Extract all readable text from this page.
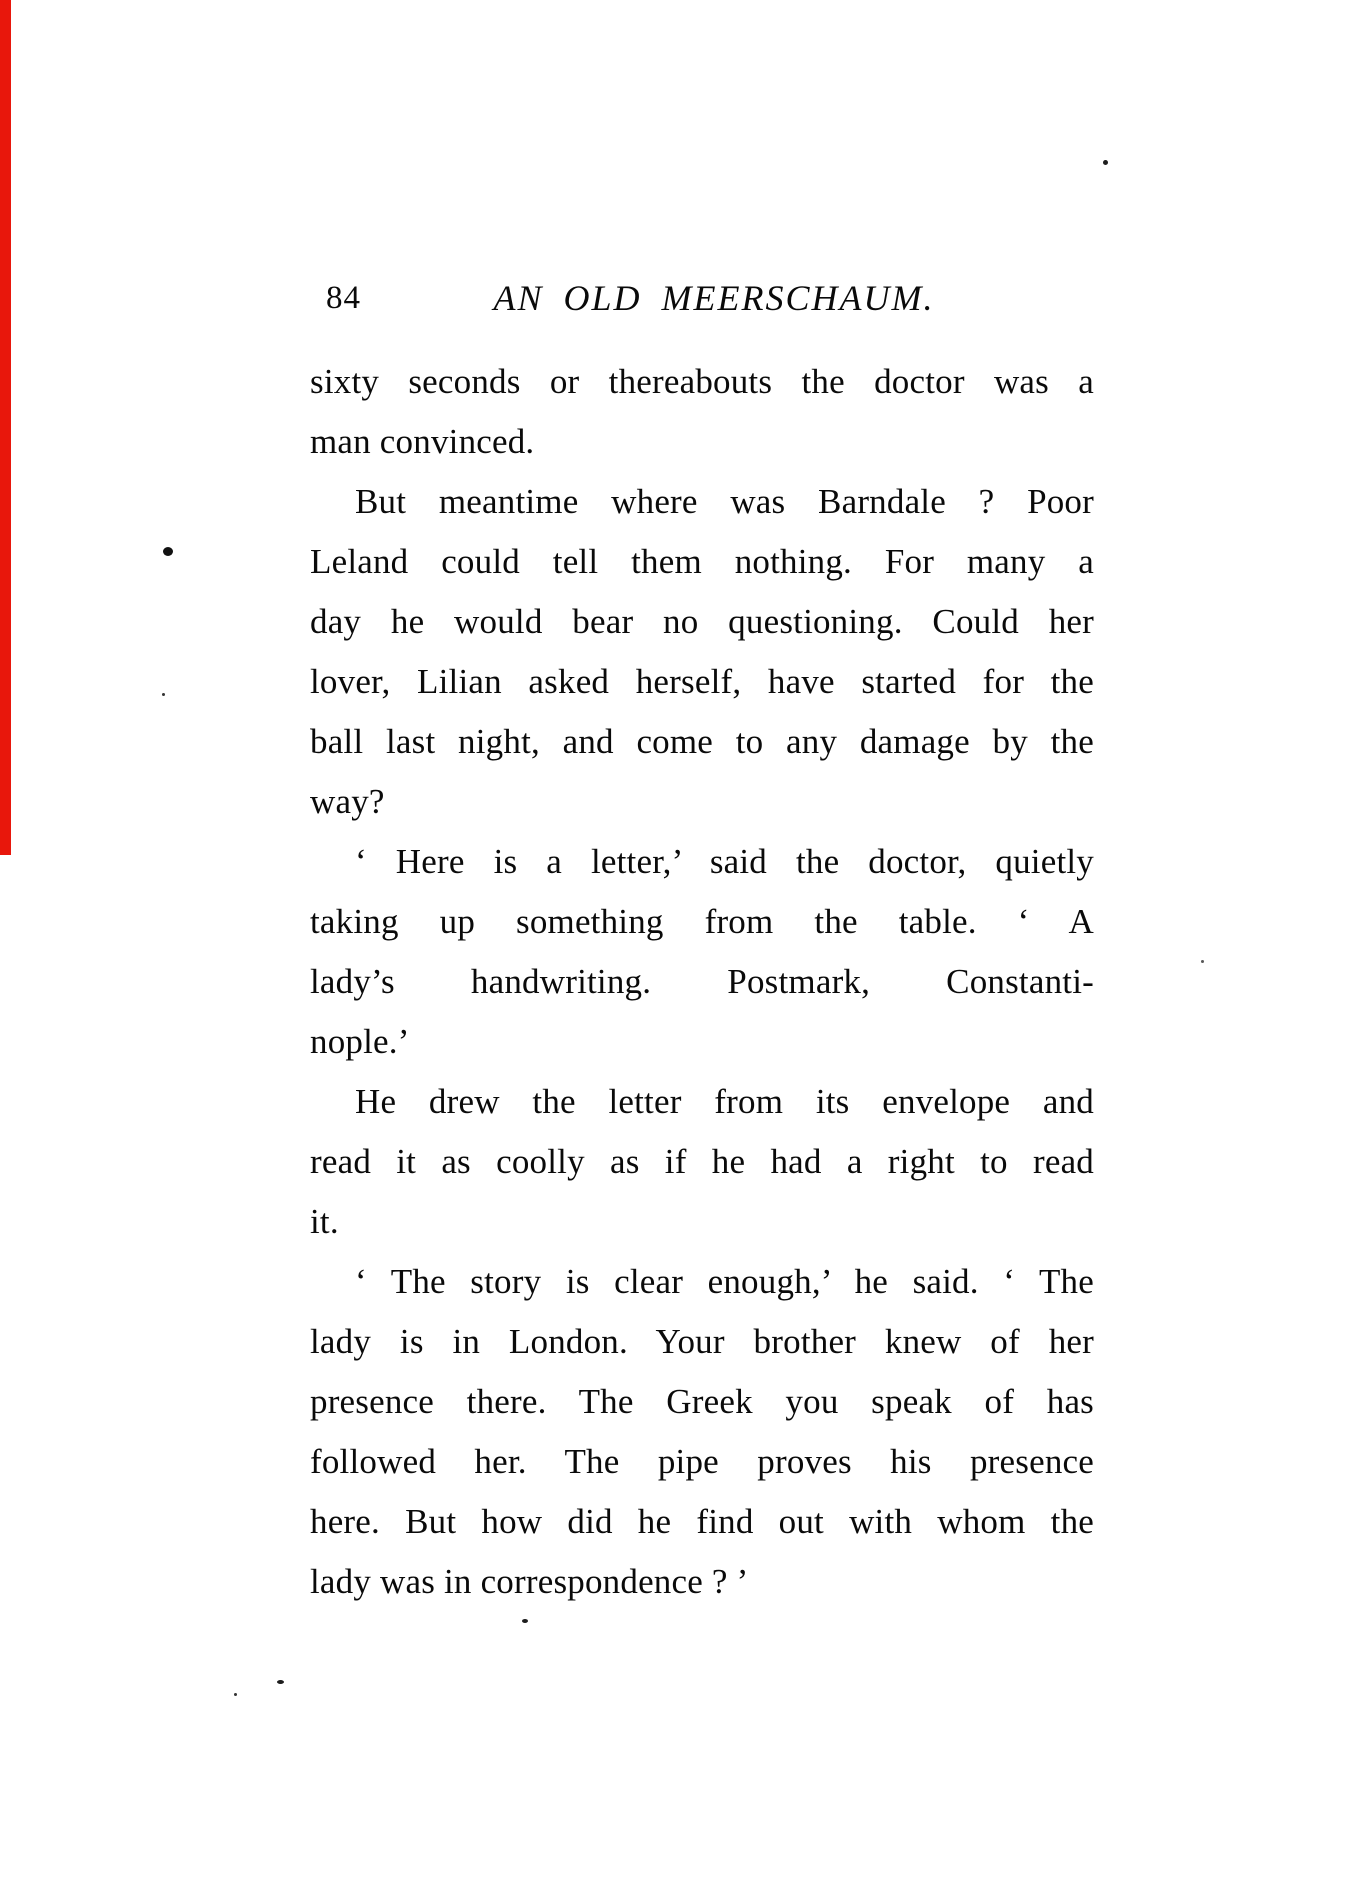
84	AN OLD MEERSCHAUM.
sixty seconds or thereabouts the doctor was a
man convinced.
But meantime where was Barndale ? Poor
Leland could tell them nothing. For many a
day he would bear no questioning. Could her
lover, Lilian asked herself, have started for the
ball last night, and come to any damage by the
way?
‘ Here is a letter,’ said the doctor, quietly
taking up something from the table. ‘ A
lady’s handwriting. Postmark, Constanti-
nople.’
He drew the letter from its envelope and
read it as coolly as if he had a right to read
it.
‘ The story is clear enough,’ he said. ‘ The
lady is in London. Your brother knew of her
presence there. The Greek you speak of has
followed her. The pipe proves his presence
here. But how did he find out with whom the
lady was in correspondence ? ’
